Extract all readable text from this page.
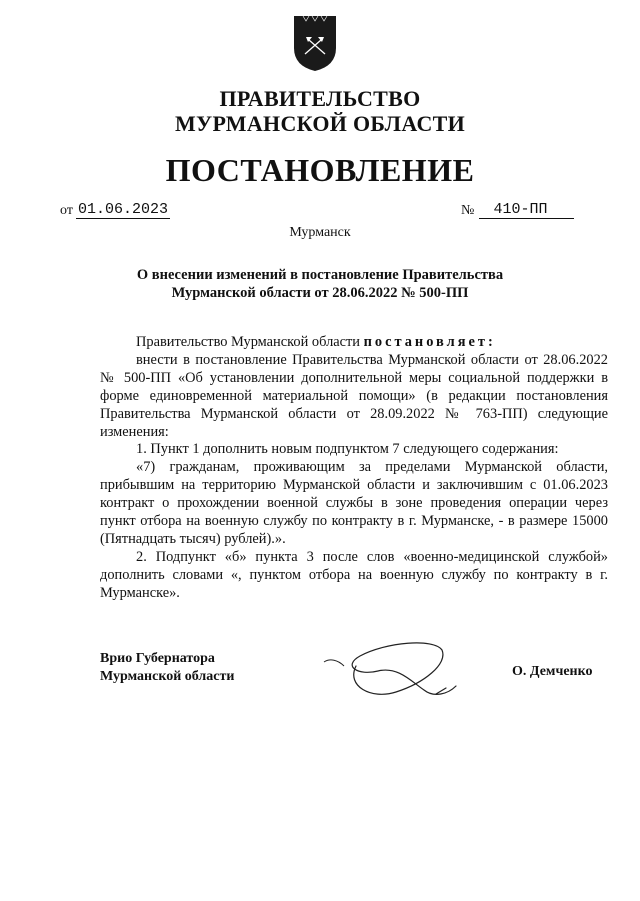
ПРАВИТЕЛЬСТВО
МУРМАНСКОЙ ОБЛАСТИ
ПОСТАНОВЛЕНИЕ
от 01.06.2023	№	410-ПП
Мурманск
О внесении изменений в постановление Правительства
Мурманской области от 28.06.2022 № 500-ПП

Правительство Мурманской области постановляет:

внести в постановление Правительства Мурманской области от 28.06.2022 № 500-ПП «Об установлении дополнительной меры социальной поддержки в форме единовременной материальной помощи» (в редакции постановления Правительства Мурманской области от 28.09.2022 № 763-ПП) следующие изменения:

1. Пункт 1 дополнить новым подпунктом 7 следующего содержания:

«7) гражданам, проживающим за пределами Мурманской области, прибывшим на территорию Мурманской области и заключившим с 01.06.2023 контракт о прохождении военной службы в зоне проведения операции через пункт отбора на военную службу по контракту в г. Мурманске, - в размере 15000 (Пятнадцать тысяч) рублей).».

2. Подпункт «б» пункта 3 после слов «военно-медицинской службой» дополнить словами «, пунктом отбора на военную службу по контракту в г. Мурманске».

Врио Губернатора
Мурманской области	О. Демченко
